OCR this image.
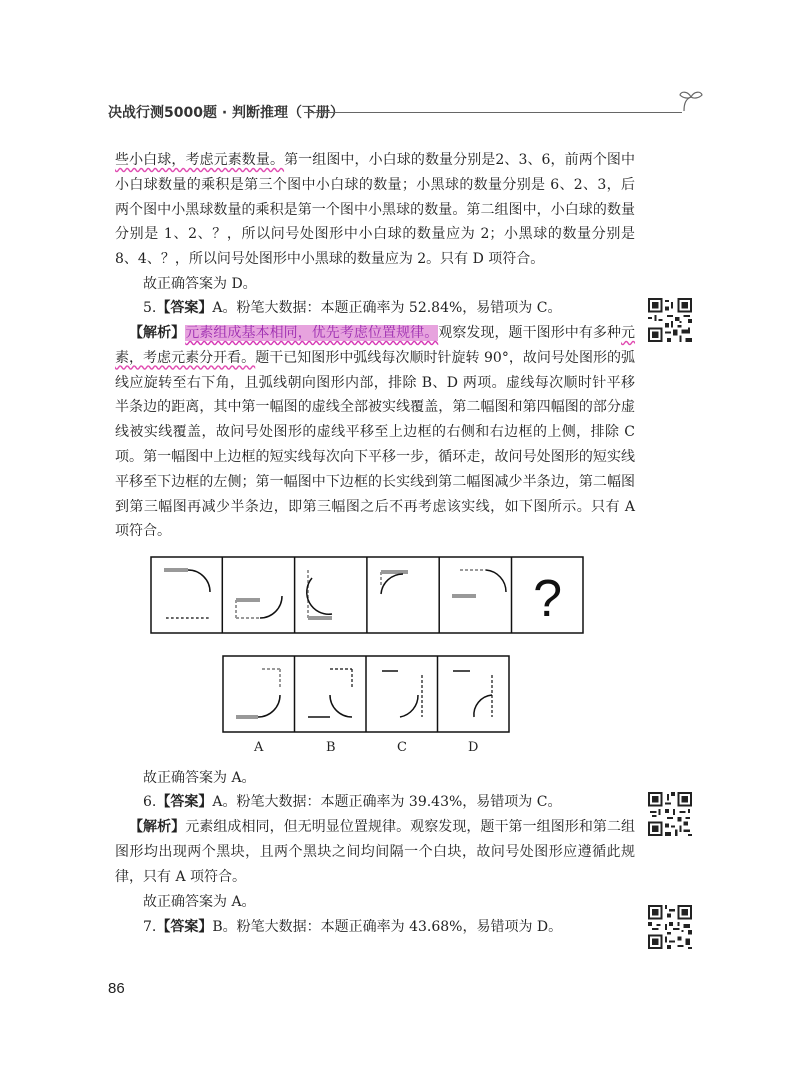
决战行测5000题 · 判断推理（下册）

些小白球，考虑元素数量。第一组图中，小白球的数量分别是2、3、6，前两个图中小白球数量的乘积是第三个图中小白球的数量；小黑球的数量分别是 6、2、3，后两个图中小黑球数量的乘积是第一个图中小黑球的数量。第二组图中，小白球的数量分别是 1、2、？，所以问号处图形中小白球的数量应为 2；小黑球的数量分别是 8、4、？，所以问号处图形中小黑球的数量应为 2。只有 D 项符合。

故正确答案为 D。

5.【答案】A。粉笔大数据：本题正确率为 52.84%，易错项为 C。

【解析】元素组成基本相同，优先考虑位置规律。观察发现，题干图形中有多种元素，考虑元素分开看。题干已知图形中弧线每次顺时针旋转 90°，故问号处图形的弧线应旋转至右下角，且弧线朝向图形内部，排除 B、D 两项。虚线每次顺时针平移半条边的距离，其中第一幅图的虚线全部被实线覆盖，第二幅图和第四幅图的部分虚线被实线覆盖，故问号处图形的虚线平移至上边框的右侧和右边框的上侧，排除 C 项。第一幅图中上边框的短实线每次向下平移一步，循环走，故问号处图形的短实线平移至下边框的左侧；第一幅图中下边框的长实线到第二幅图减少半条边，第二幅图到第三幅图再减少半条边，即第三幅图之后不再考虑该实线，如下图所示。只有 A 项符合。

?
A	B	C	D

故正确答案为 A。

6.【答案】A。粉笔大数据：本题正确率为 39.43%，易错项为 C。

【解析】元素组成相同，但无明显位置规律。观察发现，题干第一组图形和第二组图形均出现两个黑块，且两个黑块之间均间隔一个白块，故问号处图形应遵循此规律，只有 A 项符合。

故正确答案为 A。

7.【答案】B。粉笔大数据：本题正确率为 43.68%，易错项为 D。

86
